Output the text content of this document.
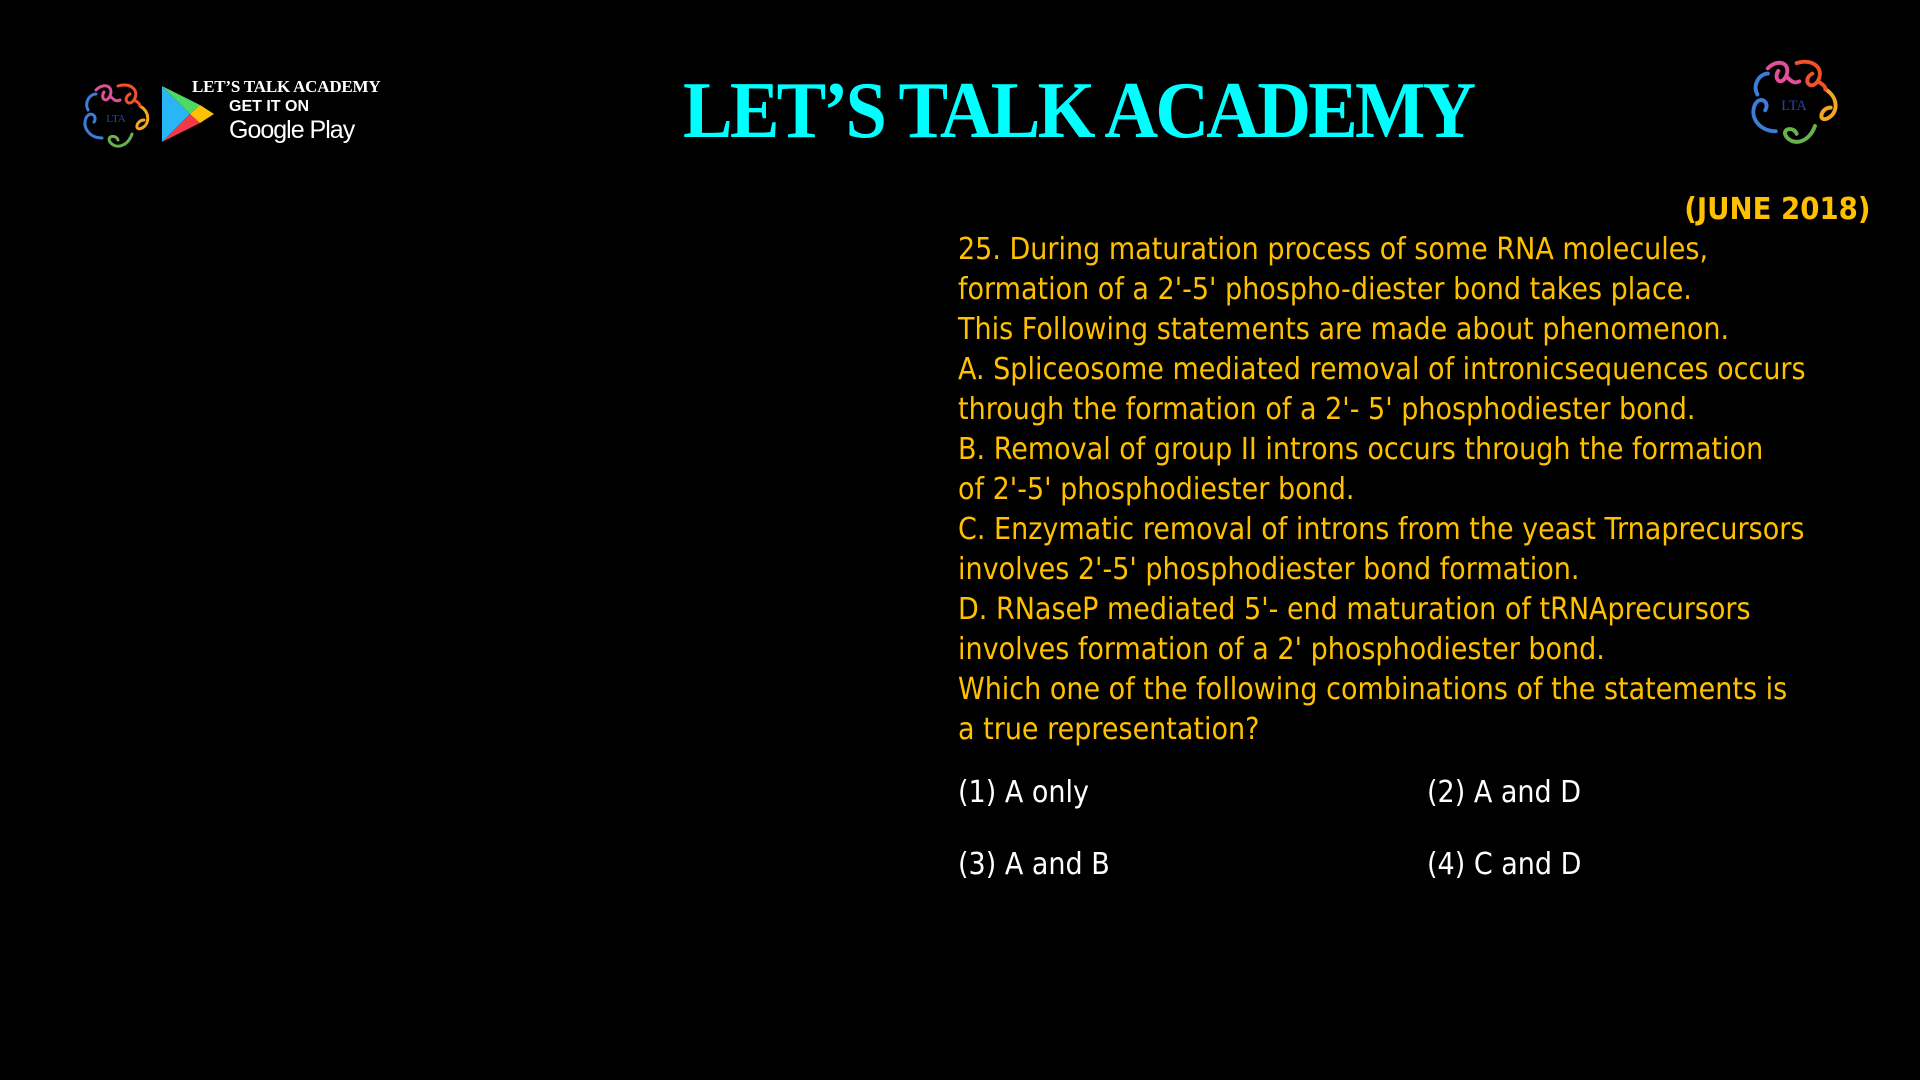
LTA
LET’S TALK ACADEMY
GET IT ON
Google Play	LET’S TALK ACADEMY	LTA
(JUNE 2018)
25. During maturation process of some RNA molecules,
formation of a 2'-5' phospho-diester bond takes place.
This Following statements are made about phenomenon.
A. Spliceosome mediated removal of intronicsequences occurs
through the formation of a 2'- 5' phosphodiester bond.
B. Removal of group II introns occurs through the formation
of 2'-5' phosphodiester bond.
C. Enzymatic removal of introns from the yeast Trnaprecursors
involves 2'-5' phosphodiester bond formation.
D. RNaseP mediated 5'- end maturation of tRNAprecursors
involves formation of a 2' phosphodiester bond.
Which one of the following combinations of the statements is
a true representation?
(1) A only	(2) A and D
(3) A and B	(4) C and D
